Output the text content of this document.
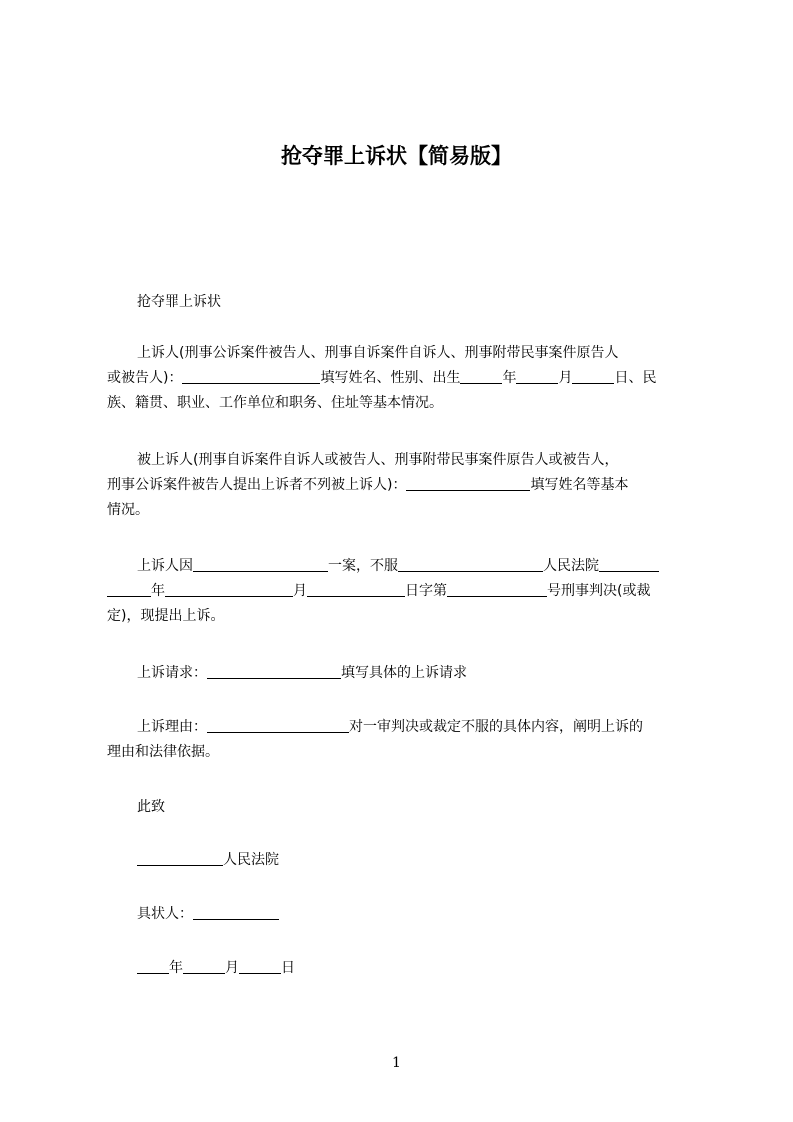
抢夺罪上诉状【简易版】
抢夺罪上诉状
上诉人(刑事公诉案件被告人、刑事自诉案件自诉人、刑事附带民事案件原告人
或被告人)：	填写姓名、性别、出生	年	月	日、民
族、籍贯、职业、工作单位和职务、住址等基本情况。
被上诉人(刑事自诉案件自诉人或被告人、刑事附带民事案件原告人或被告人，
刑事公诉案件被告人提出上诉者不列被上诉人)：	填写姓名等基本
情况。
上诉人因	一案，不服	人民法院
年	月	日字第	号刑事判决(或裁
定)，现提出上诉。
上诉请求：	填写具体的上诉请求
上诉理由：	对一审判决或裁定不服的具体内容，阐明上诉的
理由和法律依据。
此致
人民法院
具状人：
年	月	日
1
